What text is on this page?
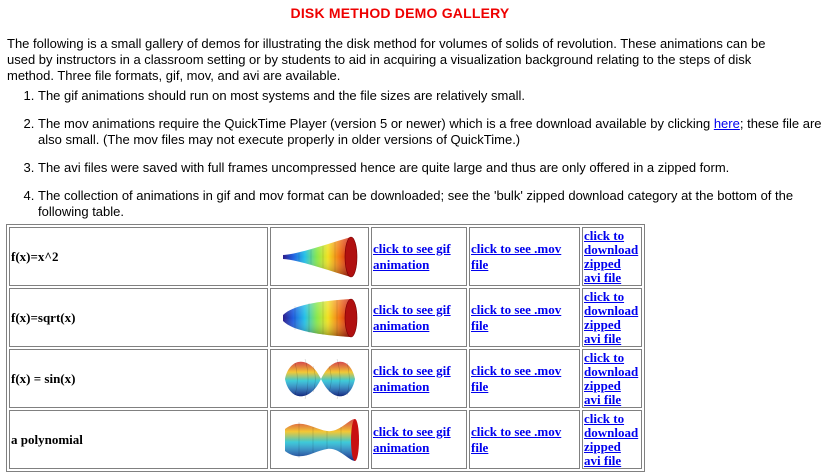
DISK METHOD DEMO GALLERY

The following is a small gallery of demos for illustrating the disk method for volumes of solids of revolution. These animations can be used by instructors in a classroom setting or by students to aid in acquiring a visualization background relating to the steps of disk method. Three file formats, gif, mov, and avi are available.

1. The gif animations should run on most systems and the file sizes are relatively small.
2. The mov animations require the QuickTime Player (version 5 or newer) which is a free download available by clicking here; these file are also small. (The mov files may not execute properly in older versions of QuickTime.)
3. The avi files were saved with full frames uncompressed hence are quite large and thus are only offered in a zipped form.
4. The collection of animations in gif and mov format can be downloaded; see the 'bulk' zipped download category at the bottom of the following table.
f(x)=x^2		click to see gif animation	click to see .mov file	click to
download
zipped
avi file

f(x)=sqrt(x)		click to see gif animation	click to see .mov file	click to
download
zipped
avi file

f(x) = sin(x)		click to see gif animation	click to see .mov file	click to
download
zipped
avi file

a polynomial		click to see gif animation	click to see .mov file	click to
download
zipped
avi file
